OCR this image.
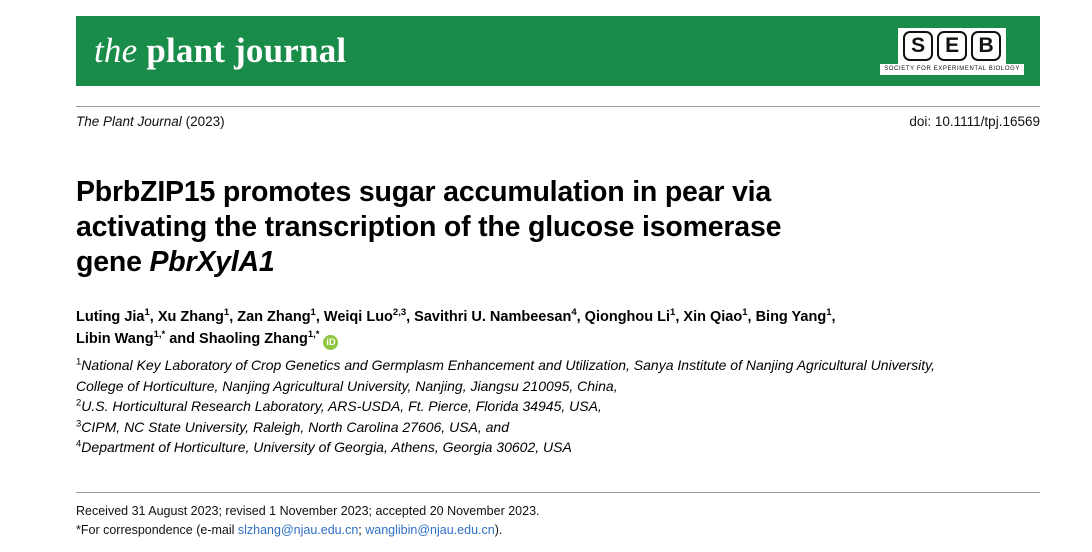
the plant journal	S E B
SOCIETY FOR EXPERIMENTAL BIOLOGY
The Plant Journal (2023)	doi: 10.1111/tpj.16569
PbrbZIP15 promotes sugar accumulation in pear via
activating the transcription of the glucose isomerase
gene PbrXylA1
Luting Jia$^1$, Xu Zhang$^1$, Zan Zhang$^1$, Weiqi Luo$^{2,3}$, Savithri U. Nambeesan$^4$, Qionghou Li$^1$, Xin Qiao$^1$, Bing Yang$^1$,
Libin Wang$^{1,*}$ and Shaoling Zhang$^{1,*}$iD
$^1$National Key Laboratory of Crop Genetics and Germplasm Enhancement and Utilization, Sanya Institute of Nanjing Agricultural University, College of Horticulture, Nanjing Agricultural University, Nanjing, Jiangsu 210095, China,
$^2$U.S. Horticultural Research Laboratory, ARS-USDA, Ft. Pierce, Florida 34945, USA,
$^3$CIPM, NC State University, Raleigh, North Carolina 27606, USA, and
$^4$Department of Horticulture, University of Georgia, Athens, Georgia 30602, USA
Received 31 August 2023; revised 1 November 2023; accepted 20 November 2023.
*For correspondence (e-mail slzhang@njau.edu.cn; wanglibin@njau.edu.cn).
